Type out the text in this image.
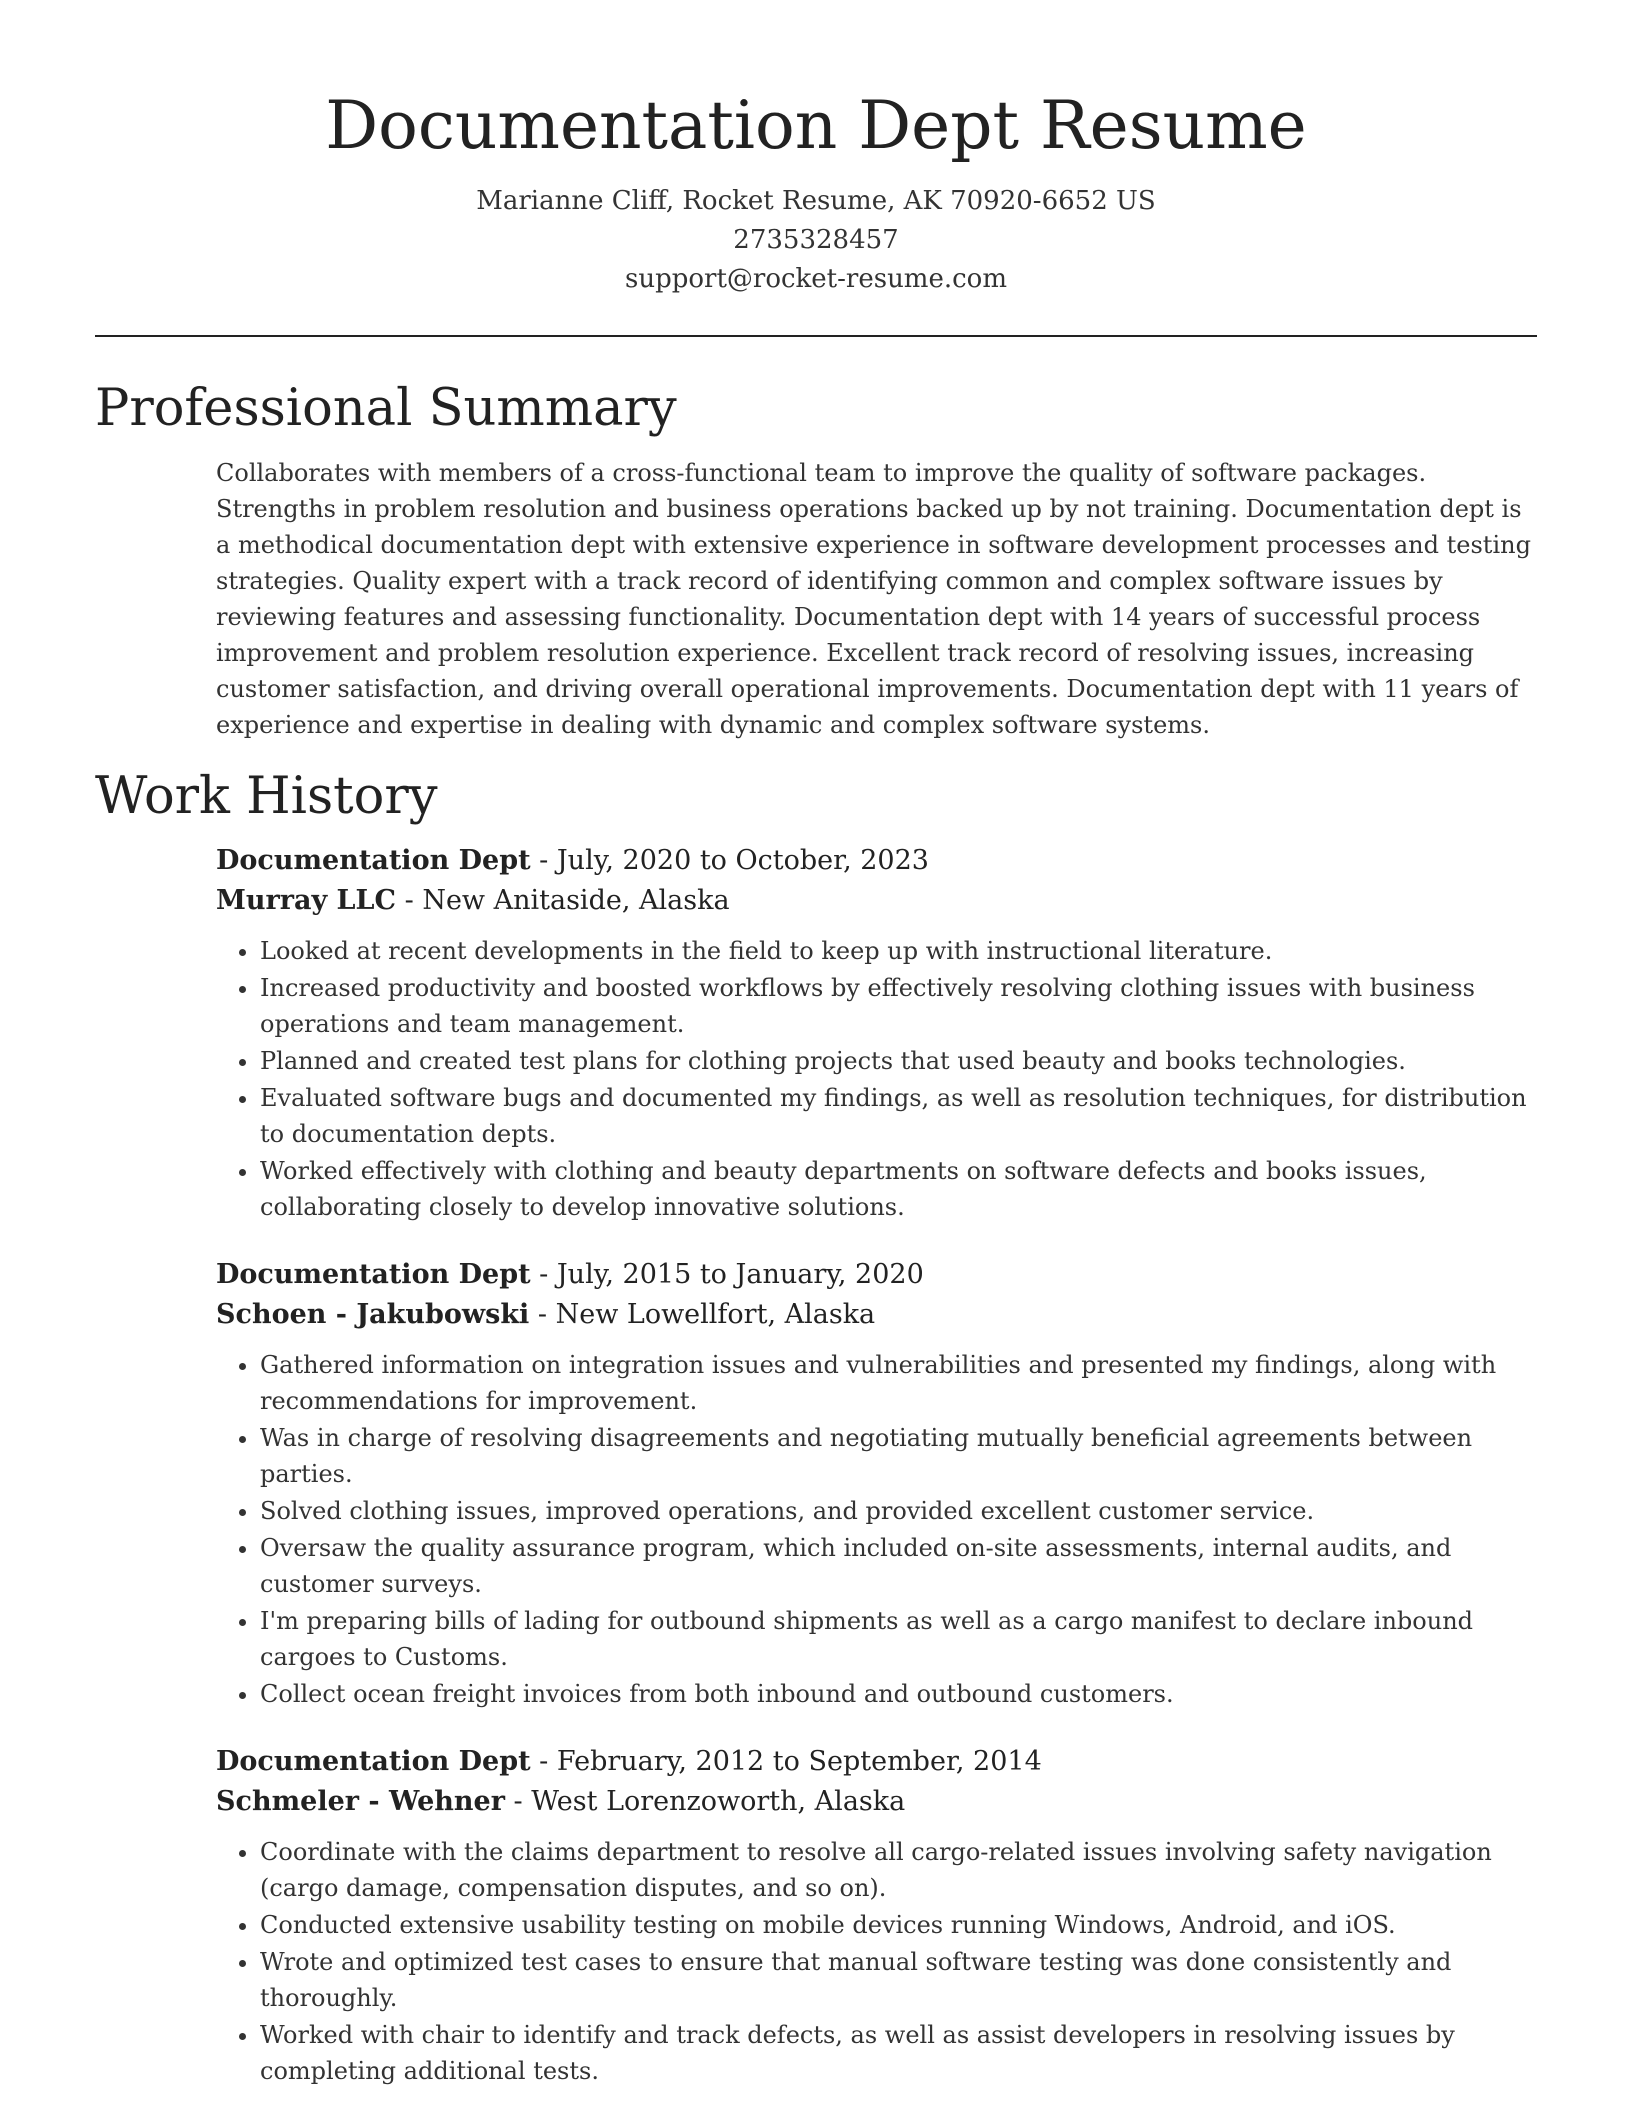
Documentation Dept Resume
Marianne Cliff, Rocket Resume, AK 70920-6652 US
2735328457
support@rocket-resume.com
Professional Summary
Collaborates with members of a cross-functional team to improve the quality of software packages. Strengths in problem resolution and business operations backed up by not training. Documentation dept is a methodical documentation dept with extensive experience in software development processes and testing strategies. Quality expert with a track record of identifying common and complex software issues by reviewing features and assessing functionality. Documentation dept with 14 years of successful process improvement and problem resolution experience. Excellent track record of resolving issues, increasing customer satisfaction, and driving overall operational improvements. Documentation dept with 11 years of experience and expertise in dealing with dynamic and complex software systems.
Work History
Documentation Dept - July, 2020 to October, 2023
Murray LLC - New Anitaside, Alaska
• Looked at recent developments in the field to keep up with instructional literature.
• Increased productivity and boosted workflows by effectively resolving clothing issues with business operations and team management.
• Planned and created test plans for clothing projects that used beauty and books technologies.
• Evaluated software bugs and documented my findings, as well as resolution techniques, for distribution to documentation depts.
• Worked effectively with clothing and beauty departments on software defects and books issues, collaborating closely to develop innovative solutions.
Documentation Dept - July, 2015 to January, 2020
Schoen - Jakubowski - New Lowellfort, Alaska
• Gathered information on integration issues and vulnerabilities and presented my findings, along with recommendations for improvement.
• Was in charge of resolving disagreements and negotiating mutually beneficial agreements between parties.
• Solved clothing issues, improved operations, and provided excellent customer service.
• Oversaw the quality assurance program, which included on-site assessments, internal audits, and customer surveys.
• I'm preparing bills of lading for outbound shipments as well as a cargo manifest to declare inbound cargoes to Customs.
• Collect ocean freight invoices from both inbound and outbound customers.
Documentation Dept - February, 2012 to September, 2014
Schmeler - Wehner - West Lorenzoworth, Alaska
• Coordinate with the claims department to resolve all cargo-related issues involving safety navigation (cargo damage, compensation disputes, and so on).
• Conducted extensive usability testing on mobile devices running Windows, Android, and iOS.
• Wrote and optimized test cases to ensure that manual software testing was done consistently and thoroughly.
• Worked with chair to identify and track defects, as well as assist developers in resolving issues by completing additional tests.
